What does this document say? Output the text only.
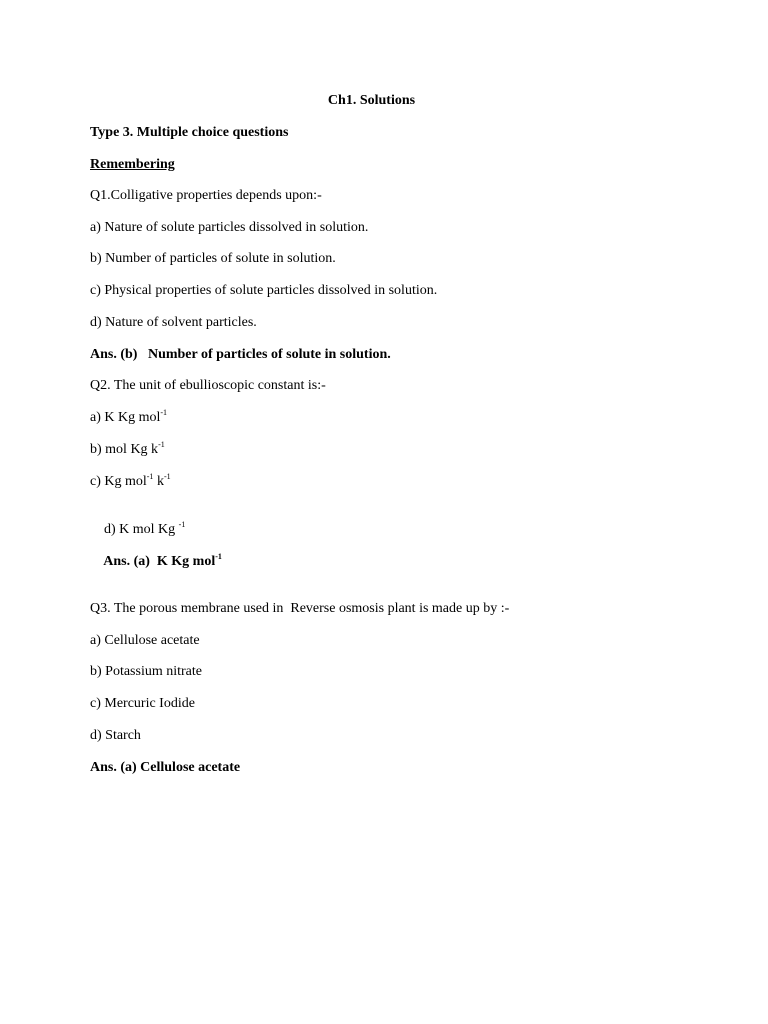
Ch1. Solutions
Type 3. Multiple choice questions
Remembering
Q1.Colligative properties depends upon:-
a) Nature of solute particles dissolved in solution.
b) Number of particles of solute in solution.
c) Physical properties of solute particles dissolved in solution.
d) Nature of solvent particles.
Ans. (b)   Number of particles of solute in solution.
Q2. The unit of ebullioscopic constant is:-
a) K Kg mol$^{-1}$
b) mol Kg $k^{-1}$
c) Kg mol$^{-1}$ $k^{-1}$

d) K mol Kg $^{-1}$

Ans. (a)  K Kg mol$^{-1}$

Q3. The porous membrane used in  Reverse osmosis plant is made up by :-
a) Cellulose acetate
b) Potassium nitrate
c) Mercuric Iodide
d) Starch
Ans. (a) Cellulose acetate
